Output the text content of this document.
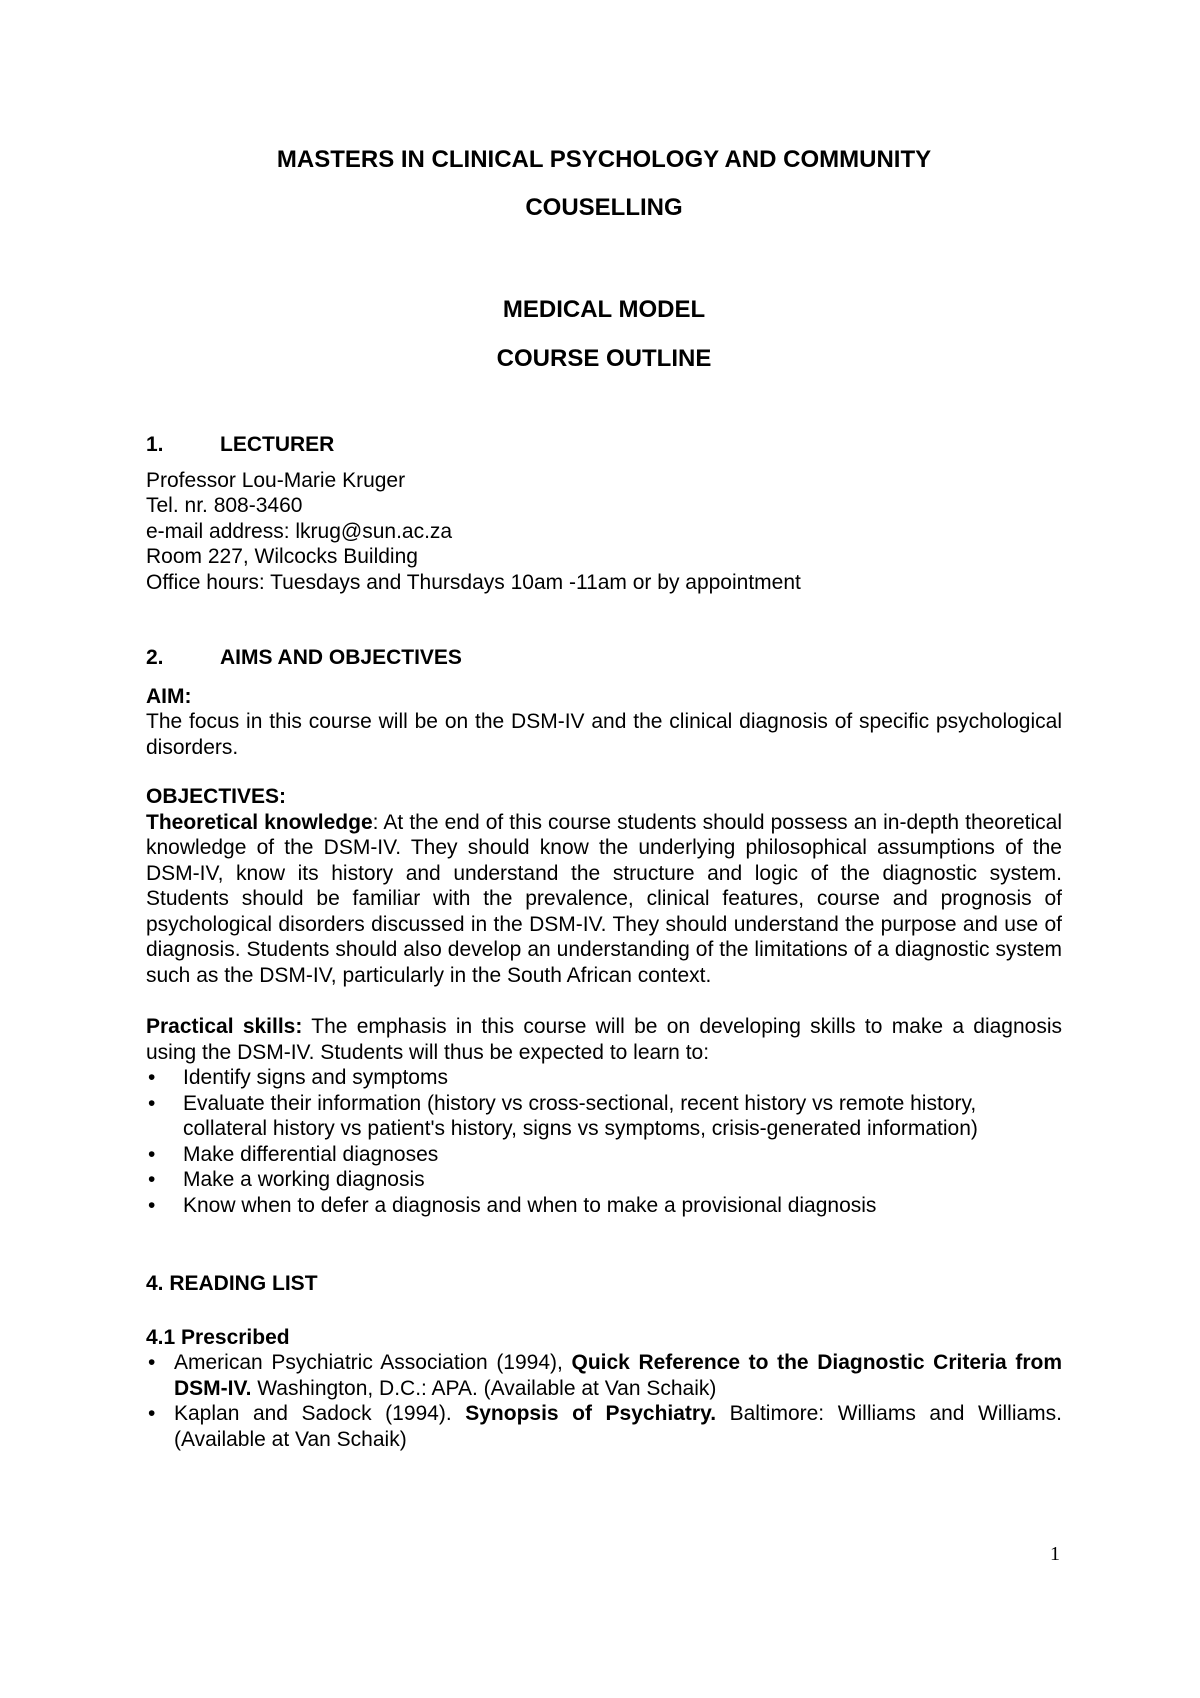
MASTERS IN CLINICAL PSYCHOLOGY AND COMMUNITY

COUSELLING

MEDICAL MODEL

COURSE OUTLINE

1.	LECTURER

Professor Lou-Marie Kruger

Tel. nr. 808-3460

e-mail address: lkrug@sun.ac.za

Room 227, Wilcocks Building

Office hours: Tuesdays and Thursdays 10am -11am or by appointment

2.	AIMS AND OBJECTIVES

AIM:

The focus in this course will be on the DSM-IV and the clinical diagnosis of specific psychological disorders.

OBJECTIVES:

Theoretical knowledge: At the end of this course students should possess an in-depth theoretical knowledge of the DSM-IV. They should know the underlying philosophical assumptions of the DSM-IV, know its history and understand the structure and logic of the diagnostic system. Students should be familiar with the prevalence, clinical features, course and prognosis of psychological disorders discussed in the DSM-IV. They should understand the purpose and use of diagnosis. Students should also develop an understanding of the limitations of a diagnostic system such as the DSM-IV, particularly in the South African context.

Practical skills: The emphasis in this course will be on developing skills to make a diagnosis using the DSM-IV. Students will thus be expected to learn to:

• Identify signs and symptoms
• Evaluate their information (history vs cross-sectional, recent history vs remote history, collateral history vs patient's history, signs vs symptoms, crisis-generated information)
• Make differential diagnoses
• Make a working diagnosis
• Know when to defer a diagnosis and when to make a provisional diagnosis

4. READING LIST

4.1 Prescribed

• American Psychiatric Association (1994), Quick Reference to the Diagnostic Criteria from DSM-IV. Washington, D.C.: APA. (Available at Van Schaik)
• Kaplan and Sadock (1994). Synopsis of Psychiatry. Baltimore: Williams and Williams. (Available at Van Schaik)
1
